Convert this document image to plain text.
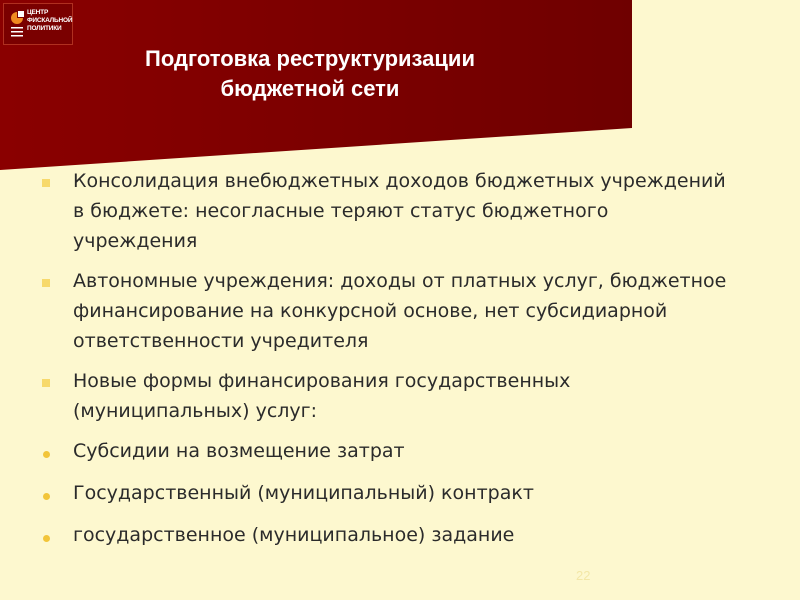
ЦЕНТР
ФИСКАЛЬНОЙ
ПОЛИТИКИ
Подготовка реструктуризации
бюджетной сети
Консолидация внебюджетных доходов бюджетных учреждений в бюджете: несогласные теряют статус бюджетного учреждения
Автономные учреждения: доходы от платных услуг, бюджетное финансирование на конкурсной основе, нет субсидиарной ответственности учредителя
Новые формы финансирования государственных (муниципальных) услуг:
Субсидии на возмещение затрат
Государственный (муниципальный) контракт
государственное (муниципальное) задание
22
